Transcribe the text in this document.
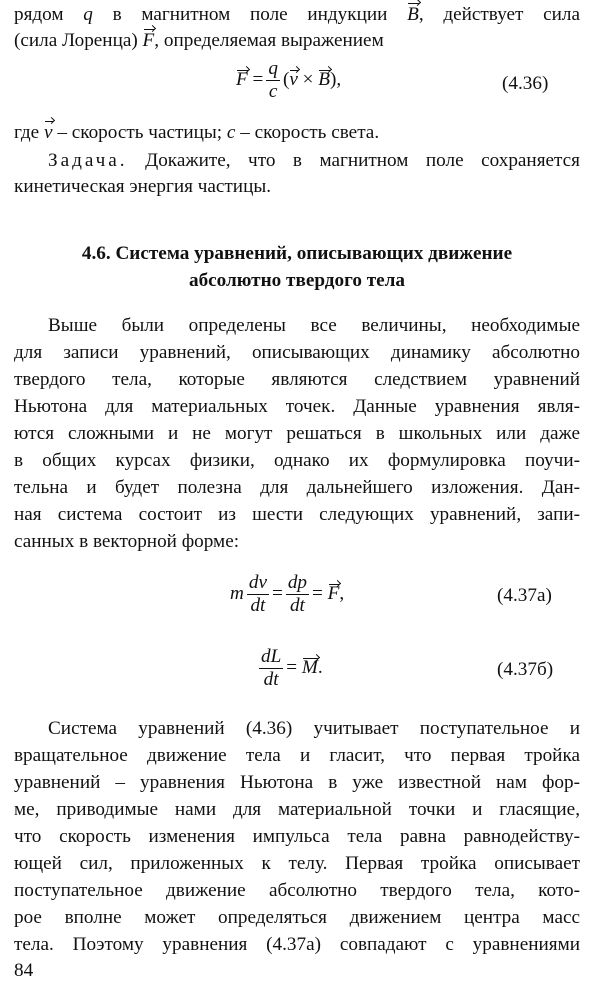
рядом q в магнитном поле индукции B, действует сила
(сила Лоренца) F, определяемая выражением
$F = \frac{q}{c} (v \times B)$,	(4.36)
где v – скорость частицы; c – скорость света.
Задача. Докажите, что в магнитном поле сохраняется
кинетическая энергия частицы.
4.6. Система уравнений, описывающих движение
абсолютно твердого тела
Выше были определены все величины, необходимые
для записи уравнений, описывающих динамику абсолютно
твердого тела, которые являются следствием уравнений
Ньютона для материальных точек. Данные уравнения явля-
ются сложными и не могут решаться в школьных или даже
в общих курсах физики, однако их формулировка поучи-
тельна и будет полезна для дальнейшего изложения. Дан-
ная система состоит из шести следующих уравнений, запи-
санных в векторной форме:
m $\frac{dv}{dt} = \frac{dp}{dt} = F$,	(4.37а)
$\frac{dL}{dt} = M$.	(4.37б)
Система уравнений (4.36) учитывает поступательное и
вращательное движение тела и гласит, что первая тройка
уравнений – уравнения Ньютона в уже известной нам фор-
ме, приводимые нами для материальной точки и гласящие,
что скорость изменения импульса тела равна равнодейству-
ющей сил, приложенных к телу. Первая тройка описывает
поступательное движение абсолютно твердого тела, кото-
рое вполне может определяться движением центра масс
тела. Поэтому уравнения (4.37а) совпадают с уравнениями
84
